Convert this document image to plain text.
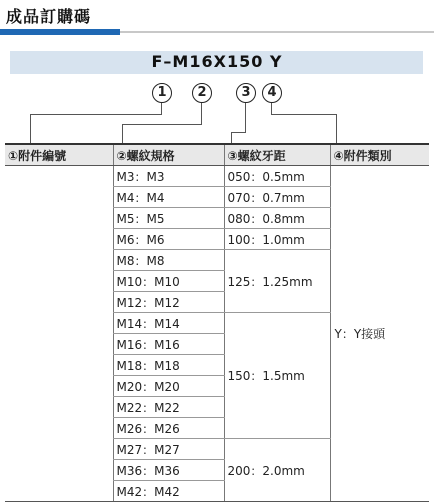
成品訂購碼
F–M16X150 Y
1	2	3	4
①附件編號	②螺紋規格	③螺紋牙距	④附件類別
	M3：M3	050：0.5mm	Y：Y接頭
	M4：M4	070：0.7mm	
	M5：M5	080：0.8mm	
	M6：M6	100：1.0mm	
	M8：M8	125：1.25mm	
	M10：M10		
	M12：M12		
	M14：M14	150：1.5mm	
	M16：M16		
	M18：M18		
	M20：M20		
	M22：M22		
	M26：M26		
	M27：M27	200：2.0mm	
	M36：M36		
	M42：M42		
